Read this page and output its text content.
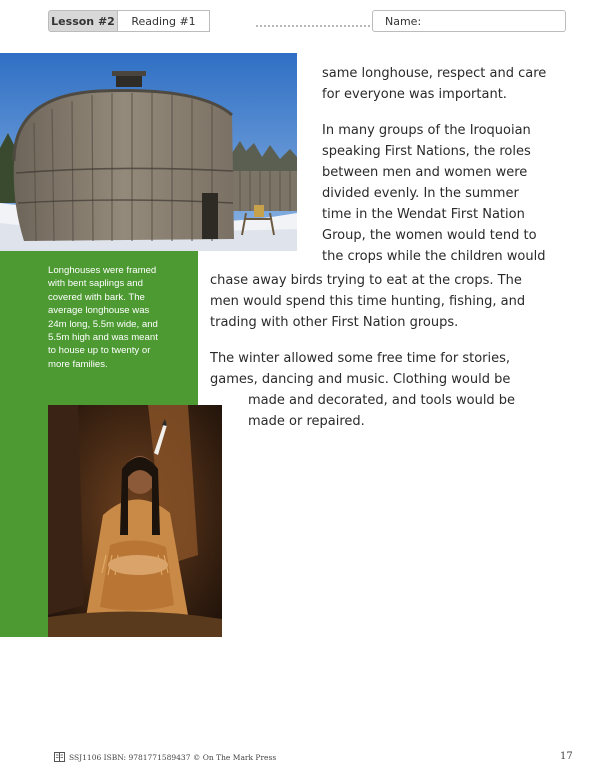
Lesson #2	Reading #1	Name:
Longhouses were framed
with bent saplings and
covered with bark. The
average longhouse was
24m long, 5.5m wide, and
5.5m high and was meant
to house up to twenty or
more families.
same longhouse, respect and care
for everyone was important.
In many groups of the Iroquoian
speaking First Nations, the roles
between men and women were
divided evenly. In the summer
time in the Wendat First Nation
Group, the women would tend to
the crops while the children would
chase away birds trying to eat at the crops. The
men would spend this time hunting, fishing, and
trading with other First Nation groups.
The winter allowed some free time for stories,
games, dancing and music. Clothing would be
made and decorated, and tools would be
made or repaired.
SSJ1106 ISBN: 9781771589437 © On The Mark Press	17
